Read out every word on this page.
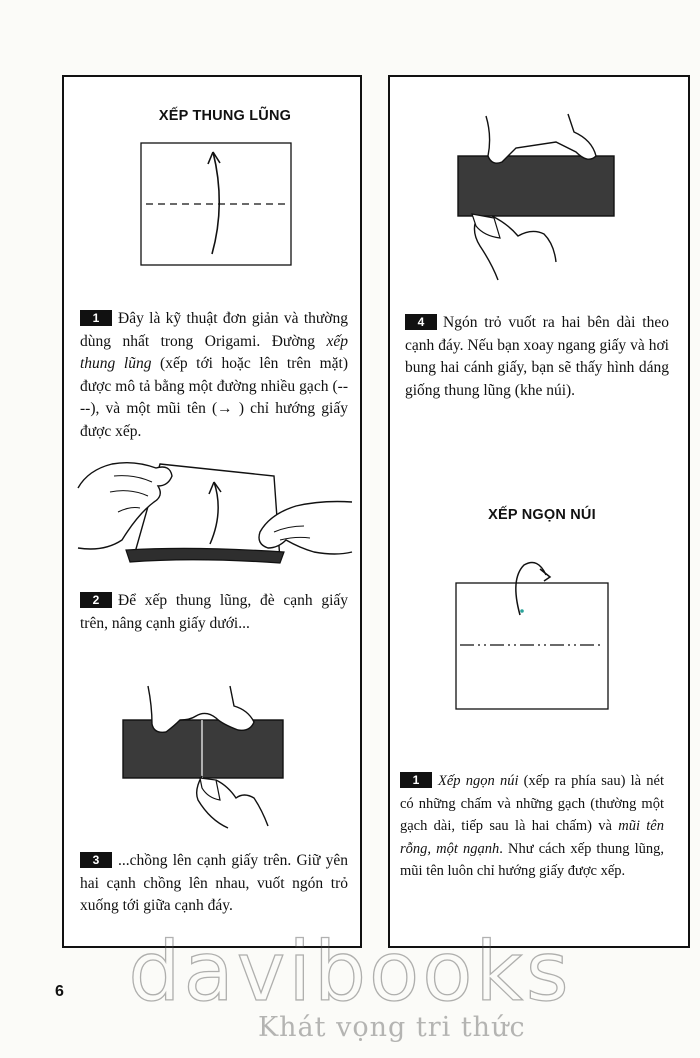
XẾP THUNG LŨNG
1 Đây là kỹ thuật đơn giản và thường dùng nhất trong Origami. Đường xếp thung lũng (xếp tới hoặc lên trên mặt) được mô tả bằng một đường nhiều gạch (----), và một mũi tên (→ ) chỉ hướng giấy được xếp.
2 Để xếp thung lũng, đè cạnh giấy trên, nâng cạnh giấy dưới...
3 ...chồng lên cạnh giấy trên. Giữ yên hai cạnh chồng lên nhau, vuốt ngón trỏ xuống tới giữa cạnh đáy.
4 Ngón trỏ vuốt ra hai bên dài theo cạnh đáy. Nếu bạn xoay ngang giấy và hơi bung hai cánh giấy, bạn sẽ thấy hình dáng giống thung lũng (khe núi).
XẾP NGỌN NÚI
1 Xếp ngọn núi (xếp ra phía sau) là nét có những chấm và những gạch (thường một gạch dài, tiếp sau là hai chấm) và mũi tên rỗng, một ngạnh. Như cách xếp thung lũng, mũi tên luôn chỉ hướng giấy được xếp.
6 davibooks
Khát vọng tri thức
